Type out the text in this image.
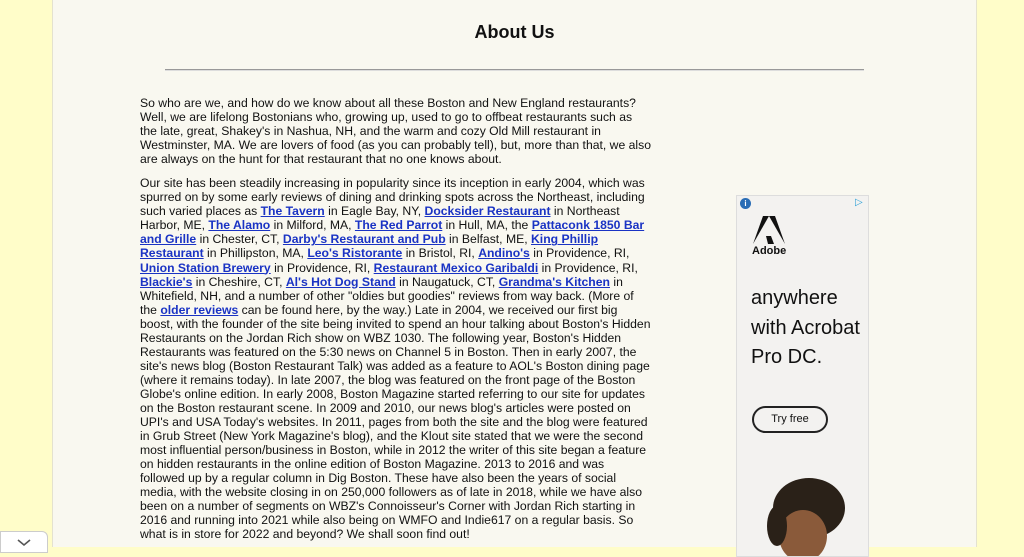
About Us

So who are we, and how do we know about all these Boston and New England restaurants? Well, we are lifelong Bostonians who, growing up, used to go to offbeat restaurants such as the late, great, Shakey's in Nashua, NH, and the warm and cozy Old Mill restaurant in Westminster, MA. We are lovers of food (as you can probably tell), but, more than that, we also are always on the hunt for that restaurant that no one knows about.

Our site has been steadily increasing in popularity since its inception in early 2004, which was spurred on by some early reviews of dining and drinking spots across the Northeast, including such varied places as The Tavern in Eagle Bay, NY, Docksider Restaurant in Northeast Harbor, ME, The Alamo in Milford, MA, The Red Parrot in Hull, MA, the Pattaconk 1850 Bar and Grille in Chester, CT, Darby's Restaurant and Pub in Belfast, ME, King Phillip Restaurant in Phillipston, MA, Leo's Ristorante in Bristol, RI, Andino's in Providence, RI, Union Station Brewery in Providence, RI, Restaurant Mexico Garibaldi in Providence, RI, Blackie's in Cheshire, CT, Al's Hot Dog Stand in Naugatuck, CT, Grandma's Kitchen in Whitefield, NH, and a number of other "oldies but goodies" reviews from way back. (More of the older reviews can be found here, by the way.) Late in 2004, we received our first big boost, with the founder of the site being invited to spend an hour talking about Boston's Hidden Restaurants on the Jordan Rich show on WBZ 1030. The following year, Boston's Hidden Restaurants was featured on the 5:30 news on Channel 5 in Boston. Then in early 2007, the site's news blog (Boston Restaurant Talk) was added as a feature to AOL's Boston dining page (where it remains today). In late 2007, the blog was featured on the front page of the Boston Globe's online edition. In early 2008, Boston Magazine started referring to our site for updates on the Boston restaurant scene. In 2009 and 2010, our news blog's articles were posted on UPI's and USA Today's websites. In 2011, pages from both the site and the blog were featured in Grub Street (New York Magazine's blog), and the Klout site stated that we were the second most influential person/business in Boston, while in 2012 the writer of this site began a feature on hidden restaurants in the online edition of Boston Magazine. 2013 to 2016 and was followed up by a regular column in Dig Boston. These have also been the years of social media, with the website closing in on 250,000 followers as of late in 2018, while we have also been on a number of segments on WBZ's Connoisseur's Corner with Jordan Rich starting in 2016 and running into 2021 while also being on WMFO and Indie617 on a regular basis. So what is in store for 2022 and beyond? We shall soon find out!

i	▷
Adobe
anywhere with Acrobat Pro DC.
Try free
